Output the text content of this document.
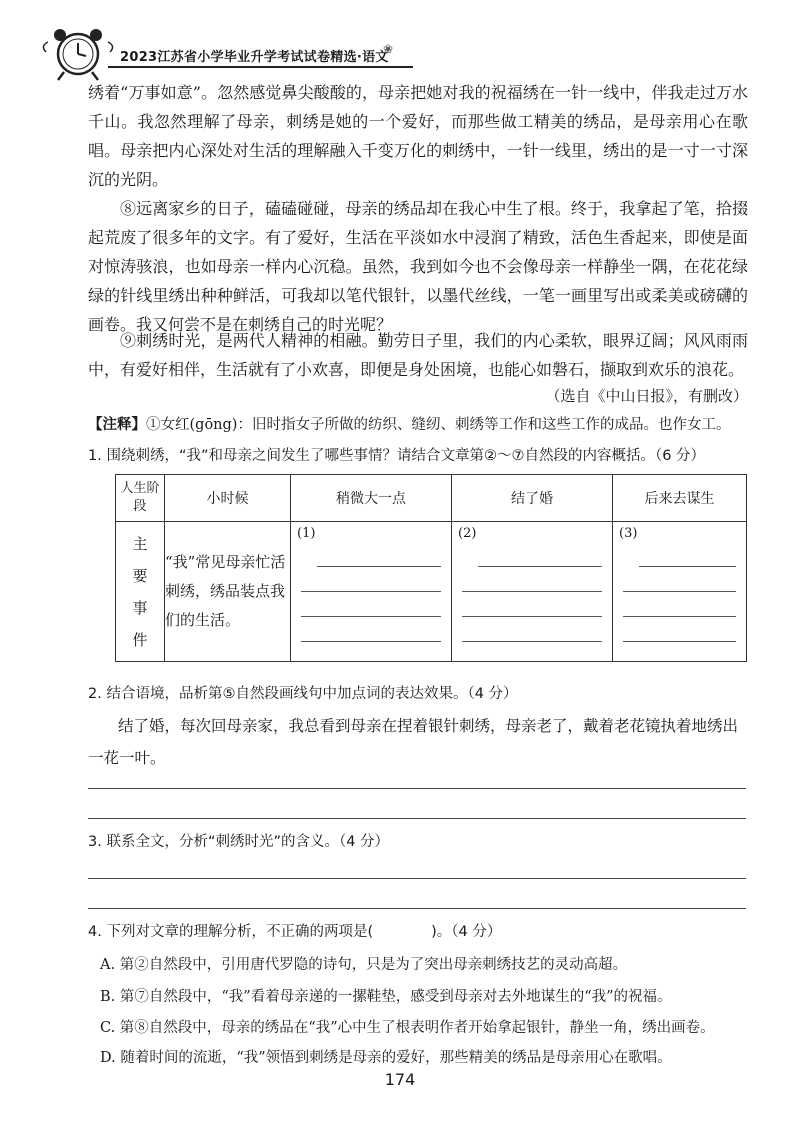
2023江苏省小学毕业升学考试试卷精选·语文
❀
绣着“万事如意”。忽然感觉鼻尖酸酸的，母亲把她对我的祝福绣在一针一线中，伴我走过万水千山。我忽然理解了母亲，刺绣是她的一个爱好，而那些做工精美的绣品，是母亲用心在歌唱。母亲把内心深处对生活的理解融入千变万化的刺绣中，一针一线里，绣出的是一寸一寸深沉的光阴。
⑧远离家乡的日子，磕磕碰碰，母亲的绣品却在我心中生了根。终于，我拿起了笔，拾掇起荒废了很多年的文字。有了爱好，生活在平淡如水中浸润了精致，活色生香起来，即使是面对惊涛骇浪，也如母亲一样内心沉稳。虽然，我到如今也不会像母亲一样静坐一隅，在花花绿绿的针线里绣出种种鲜活，可我却以笔代银针，以墨代丝线，一笔一画里写出或柔美或磅礴的画卷。我又何尝不是在刺绣自己的时光呢？
⑨刺绣时光，是两代人精神的相融。勤劳日子里，我们的内心柔软，眼界辽阔；风风雨雨中，有爱好相伴，生活就有了小欢喜，即便是身处困境，也能心如磐石，撷取到欢乐的浪花。
（选自《中山日报》，有删改）
【注释】①女红(gōng)：旧时指女子所做的纺织、缝纫、刺绣等工作和这些工作的成品。也作女工。
1. 围绕刺绣，“我”和母亲之间发生了哪些事情？请结合文章第②～⑦自然段的内容概括。（6 分）
人生阶段	小时候	稍微大一点	结了婚	后来去谋生

主要事件	“我”常见母亲忙活刺绣，绣品装点我们的生活。	(1)	(2)	(3)
2. 结合语境，品析第⑤自然段画线句中加点词的表达效果。（4 分）
结了婚，每次回母亲家，我总看到母亲在捏着银针刺绣，母亲老了，戴着老花镜执着地绣出一花一叶。
3. 联系全文，分析“刺绣时光”的含义。（4 分）
4. 下列对文章的理解分析，不正确的两项是(　　　　)。（4 分）
A. 第②自然段中，引用唐代罗隐的诗句，只是为了突出母亲刺绣技艺的灵动高超。
B. 第⑦自然段中，“我”看着母亲递的一摞鞋垫，感受到母亲对去外地谋生的“我”的祝福。
C. 第⑧自然段中，母亲的绣品在“我”心中生了根表明作者开始拿起银针，静坐一角，绣出画卷。
D. 随着时间的流逝，“我”领悟到刺绣是母亲的爱好，那些精美的绣品是母亲用心在歌唱。
174
